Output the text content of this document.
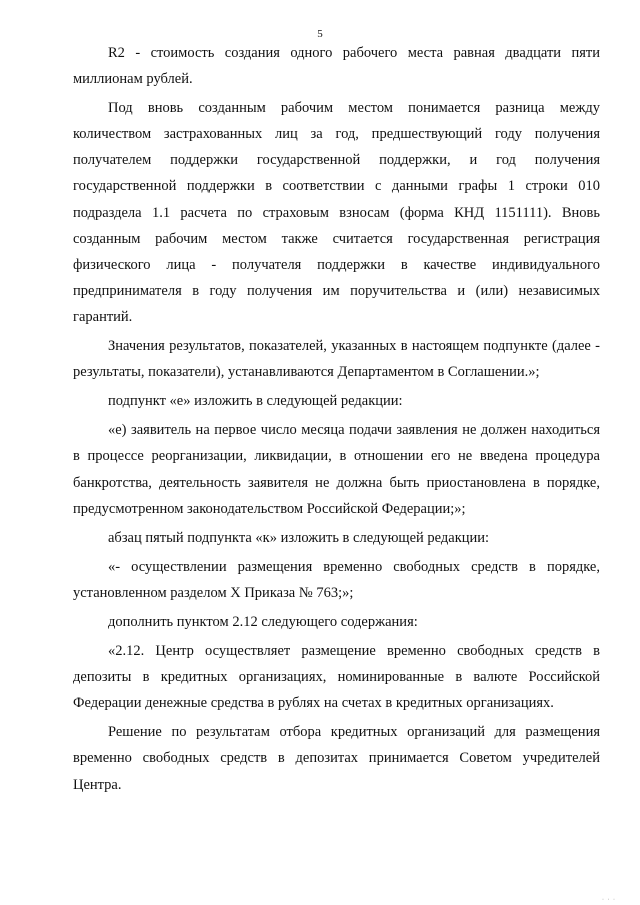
5

R2 - стоимость создания одного рабочего места равная двадцати пяти миллионам рублей.

Под вновь созданным рабочим местом понимается разница между количеством застрахованных лиц за год, предшествующий году получения получателем поддержки государственной поддержки, и год получения государственной поддержки в соответствии с данными графы 1 строки 010 подраздела 1.1 расчета по страховым взносам (форма КНД 1151111). Вновь созданным рабочим местом также считается государственная регистрация физического лица - получателя поддержки в качестве индивидуального предпринимателя в году получения им поручительства и (или) независимых гарантий.

Значения результатов, показателей, указанных в настоящем подпункте (далее - результаты, показатели), устанавливаются Департаментом в Соглашении.»;

подпункт «е» изложить в следующей редакции:

«е) заявитель на первое число месяца подачи заявления не должен находиться в процессе реорганизации, ликвидации, в отношении его не введена процедура банкротства, деятельность заявителя не должна быть приостановлена в порядке, предусмотренном законодательством Российской Федерации;»;

абзац пятый подпункта «к» изложить в следующей редакции:

«- осуществлении размещения временно свободных средств в порядке, установленном разделом X Приказа № 763;»;

дополнить пунктом 2.12 следующего содержания:

«2.12. Центр осуществляет размещение временно свободных средств в депозиты в кредитных организациях, номинированные в валюте Российской Федерации денежные средства в рублях на счетах в кредитных организациях.

Решение по результатам отбора кредитных организаций для размещения временно свободных средств в депозитах принимается Советом учредителей Центра.

· · ·
